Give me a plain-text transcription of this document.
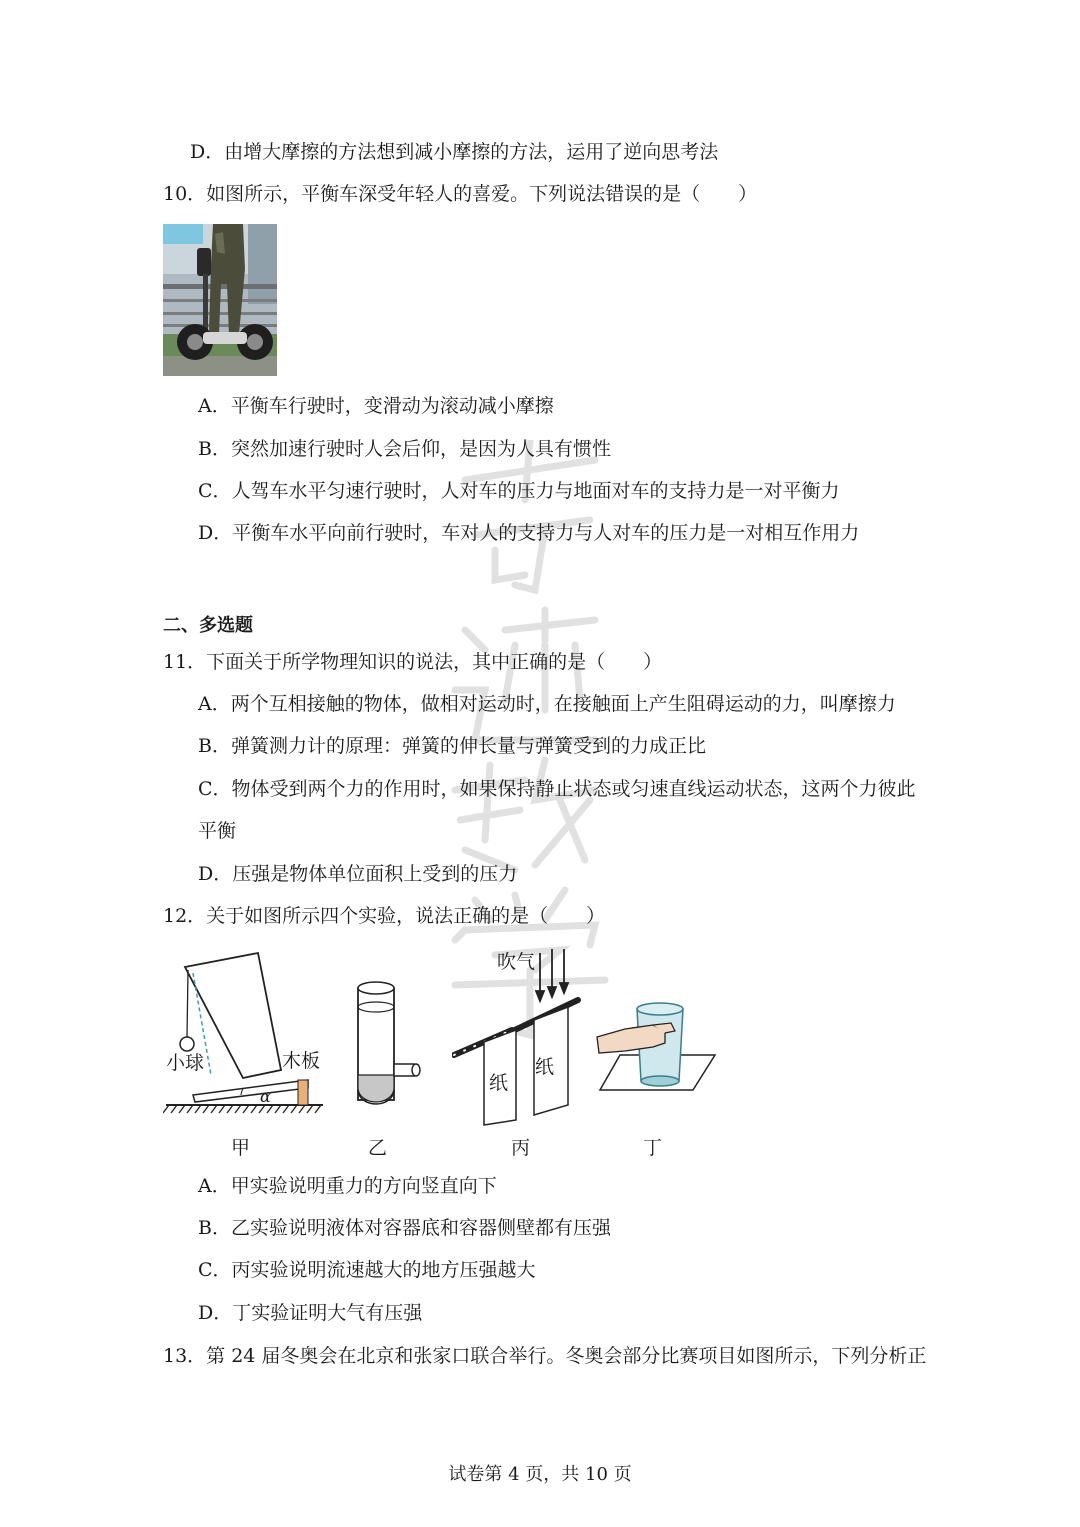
D．由增大摩擦的方法想到减小摩擦的方法，运用了逆向思考法
10．如图所示，平衡车深受年轻人的喜爱。下列说法错误的是（　　）
A．平衡车行驶时，变滑动为滚动减小摩擦
B．突然加速行驶时人会后仰，是因为人具有惯性
C．人驾车水平匀速行驶时，人对车的压力与地面对车的支持力是一对平衡力
D．平衡车水平向前行驶时，车对人的支持力与人对车的压力是一对相互作用力
二、多选题
11．下面关于所学物理知识的说法，其中正确的是（　　）
A．两个互相接触的物体，做相对运动时，在接触面上产生阻碍运动的力，叫摩擦力
B．弹簧测力计的原理：弹簧的伸长量与弹簧受到的力成正比
C．物体受到两个力的作用时，如果保持静止状态或匀速直线运动状态，这两个力彼此
平衡
D．压强是物体单位面积上受到的压力
12．关于如图所示四个实验，说法正确的是（　　）
小球	木板
α
吹气
纸
纸
甲	乙	丙	丁
A．甲实验说明重力的方向竖直向下
B．乙实验说明液体对容器底和容器侧壁都有压强
C．丙实验说明流速越大的地方压强越大
D．丁实验证明大气有压强
13．第 24 届冬奥会在北京和张家口联合举行。冬奥会部分比赛项目如图所示，下列分析正
试卷第 4 页，共 10 页
